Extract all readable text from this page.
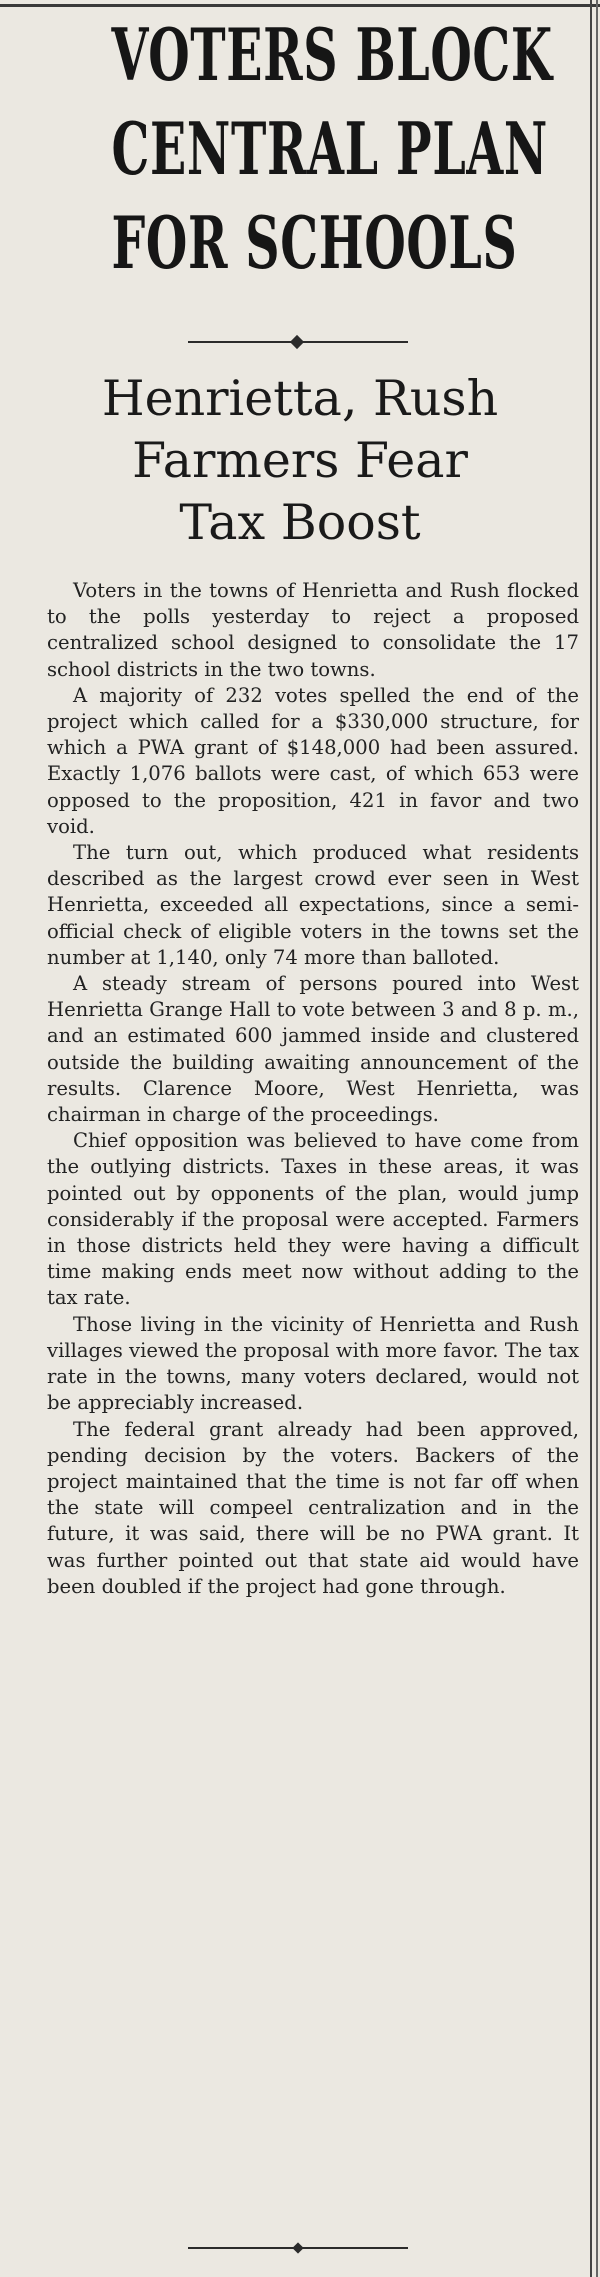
VOTERS BLOCK
CENTRAL PLAN
FOR SCHOOLS
Henrietta, Rush
Farmers Fear
Tax Boost

Voters in the towns of Henrietta and Rush flocked to the polls yesterday to reject a proposed centralized school designed to consolidate the 17 school districts in the two towns.

A majority of 232 votes spelled the end of the project which called for a $330,000 structure, for which a PWA grant of $148,000 had been assured. Exactly 1,076 ballots were cast, of which 653 were opposed to the proposition, 421 in favor and two void.

The turn out, which produced what residents described as the largest crowd ever seen in West Henrietta, exceeded all expectations, since a semi-official check of eligible voters in the towns set the number at 1,140, only 74 more than balloted.

A steady stream of persons poured into West Henrietta Grange Hall to vote between 3 and 8 p. m., and an estimated 600 jammed inside and clustered outside the building awaiting announcement of the results. Clarence Moore, West Henrietta, was chairman in charge of the proceedings.

Chief opposition was believed to have come from the outlying districts. Taxes in these areas, it was pointed out by opponents of the plan, would jump considerably if the proposal were accepted. Farmers in those districts held they were having a difficult time making ends meet now without adding to the tax rate.

Those living in the vicinity of Henrietta and Rush villages viewed the proposal with more favor. The tax rate in the towns, many voters declared, would not be appreciably increased.

The federal grant already had been approved, pending decision by the voters. Backers of the project maintained that the time is not far off when the state will compeel centralization and in the future, it was said, there will be no PWA grant. It was further pointed out that state aid would have been doubled if the project had gone through.
